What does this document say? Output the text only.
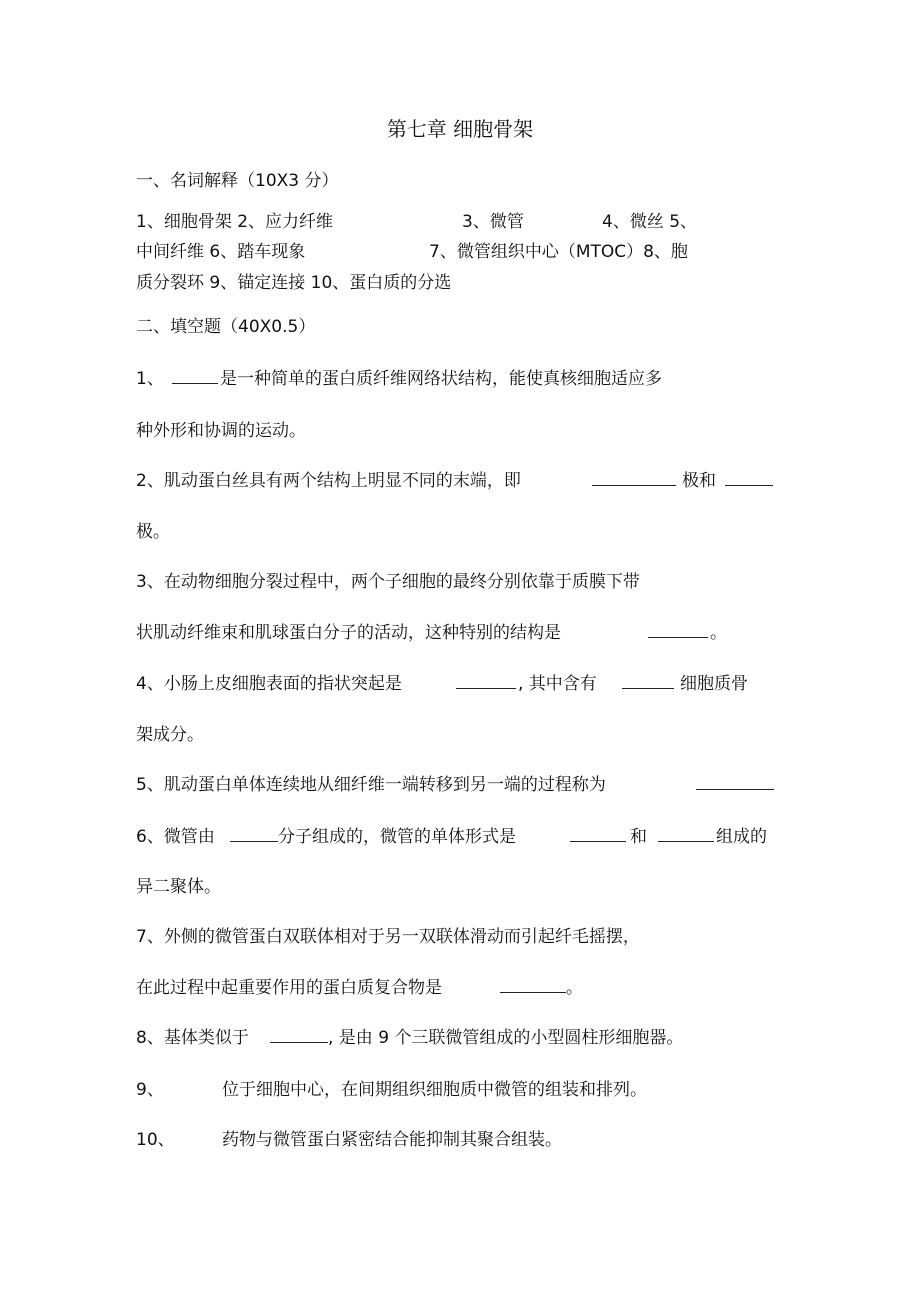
第七章 细胞骨架
一、名词解释（10X3 分）
1、细胞骨架 2、应力纤维	3、微管	4、微丝 5、
中间纤维 6、踏车现象	7、微管组织中心（MTOC）8、胞
质分裂环 9、锚定连接 10、蛋白质的分选
二、填空题（40X0.5）
1、	是一种简单的蛋白质纤维网络状结构，能使真核细胞适应多
种外形和协调的运动。
2、肌动蛋白丝具有两个结构上明显不同的末端，即	极和
极。
3、在动物细胞分裂过程中，两个子细胞的最终分别依靠于质膜下带
状肌动纤维束和肌球蛋白分子的活动，这种特别的结构是	。
4、小肠上皮细胞表面的指状突起是	, 其中含有	细胞质骨
架成分。
5、肌动蛋白单体连续地从细纤维一端转移到另一端的过程称为
6、微管由	分子组成的，微管的单体形式是	和	组成的
异二聚体。
7、外侧的微管蛋白双联体相对于另一双联体滑动而引起纤毛摇摆，
在此过程中起重要作用的蛋白质复合物是	。
8、基体类似于	, 是由 9 个三联微管组成的小型圆柱形细胞器。
9、	位于细胞中心，在间期组织细胞质中微管的组装和排列。
10、	药物与微管蛋白紧密结合能抑制其聚合组装。
